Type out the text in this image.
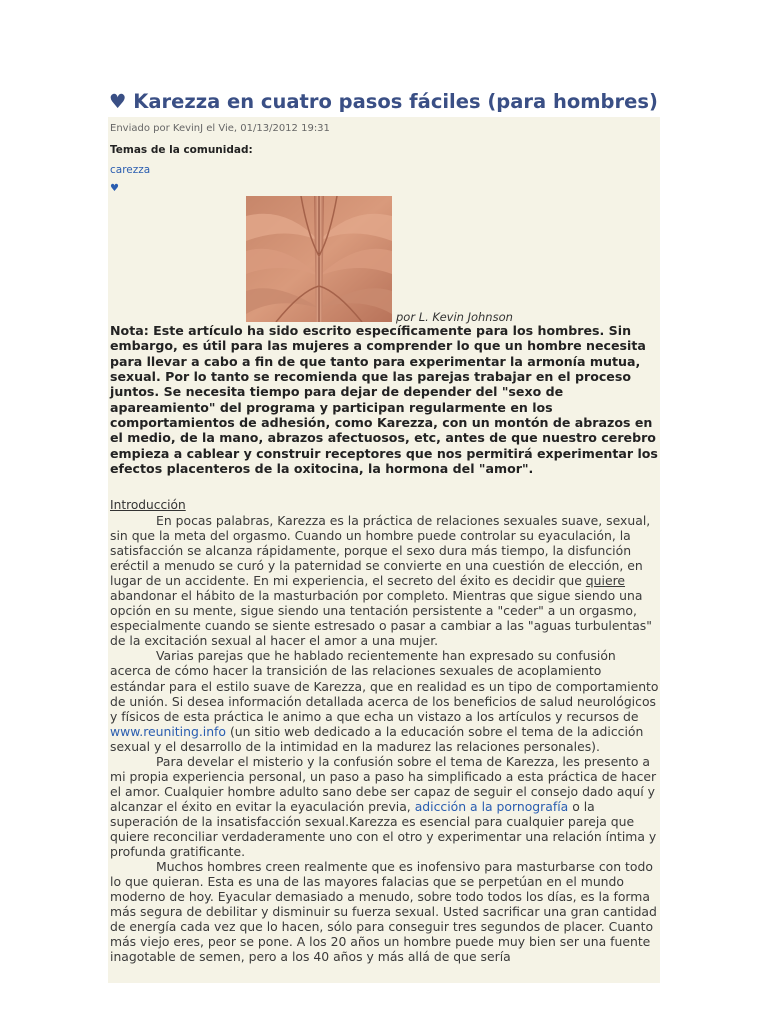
♥ Karezza en cuatro pasos fáciles (para hombres)
Enviado por KevinJ el Vie, 01/13/2012 19:31
Temas de la comunidad:
carezza
♥
por L. Kevin Johnson

Nota: Este artículo ha sido escrito específicamente para los hombres. Sin embargo, es útil para las mujeres a comprender lo que un hombre necesita para llevar a cabo a fin de que tanto para experimentar la armonía mutua, sexual. Por lo tanto se recomienda que las parejas trabajar en el proceso juntos. Se necesita tiempo para dejar de depender del "sexo de apareamiento" del programa y participan regularmente en los comportamientos de adhesión, como Karezza, con un montón de abrazos en el medio, de la mano, abrazos afectuosos, etc, antes de que nuestro cerebro empieza a cablear y construir receptores que nos permitirá experimentar los efectos placenteros de la oxitocina, la hormona del "amor".

Introducción

En pocas palabras, Karezza es la práctica de relaciones sexuales suave, sexual, sin que la meta del orgasmo. Cuando un hombre puede controlar su eyaculación, la satisfacción se alcanza rápidamente, porque el sexo dura más tiempo, la disfunción eréctil a menudo se curó y la paternidad se convierte en una cuestión de elección, en lugar de un accidente. En mi experiencia, el secreto del éxito es decidir que quiere abandonar el hábito de la masturbación por completo. Mientras que sigue siendo una opción en su mente, sigue siendo una tentación persistente a "ceder" a un orgasmo, especialmente cuando se siente estresado o pasar a cambiar a las "aguas turbulentas" de la excitación sexual al hacer el amor a una mujer.

Varias parejas que he hablado recientemente han expresado su confusión acerca de cómo hacer la transición de las relaciones sexuales de acoplamiento estándar para el estilo suave de Karezza, que en realidad es un tipo de comportamiento de unión. Si desea información detallada acerca de los beneficios de salud neurológicos y físicos de esta práctica le animo a que echa un vistazo a los artículos y recursos de www.reuniting.info (un sitio web dedicado a la educación sobre el tema de la adicción sexual y el desarrollo de la intimidad en la madurez las relaciones personales).

Para develar el misterio y la confusión sobre el tema de Karezza, les presento a mi propia experiencia personal, un paso a paso ha simplificado a esta práctica de hacer el amor. Cualquier hombre adulto sano debe ser capaz de seguir el consejo dado aquí y alcanzar el éxito en evitar la eyaculación previa, adicción a la pornografía o la superación de la insatisfacción sexual.Karezza es esencial para cualquier pareja que quiere reconciliar verdaderamente uno con el otro y experimentar una relación íntima y profunda gratificante.

Muchos hombres creen realmente que es inofensivo para masturbarse con todo lo que quieran. Esta es una de las mayores falacias que se perpetúan en el mundo moderno de hoy. Eyacular demasiado a menudo, sobre todo todos los días, es la forma más segura de debilitar y disminuir su fuerza sexual. Usted sacrificar una gran cantidad de energía cada vez que lo hacen, sólo para conseguir tres segundos de placer. Cuanto más viejo eres, peor se pone. A los 20 años un hombre puede muy bien ser una fuente inagotable de semen, pero a los 40 años y más allá de que sería
